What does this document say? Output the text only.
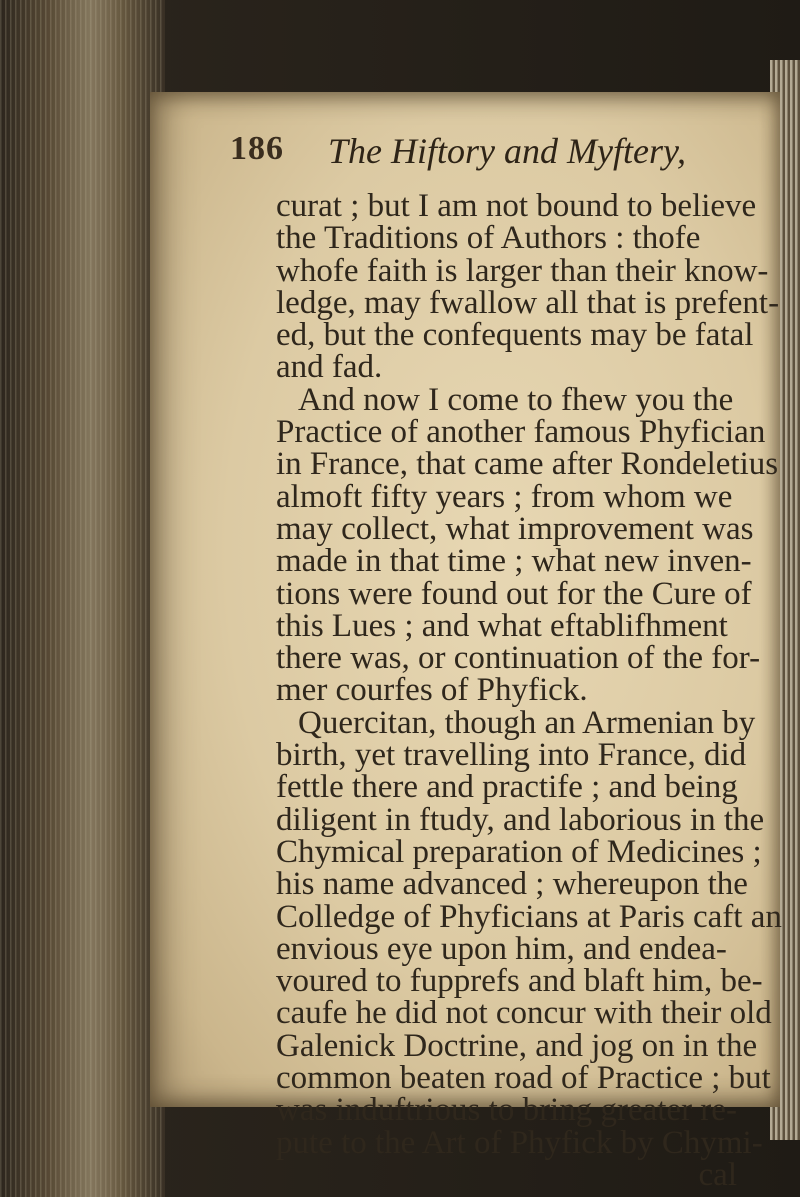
186 The Hiftory and Myftery,
curat ; but I am not bound to believe
the Traditions of Authors : thofe
whofe faith is larger than their know-
ledge, may fwallow all that is prefent-
ed, but the confequents may be fatal
and fad.
And now I come to fhew you the
Practice of another famous Phyfician
in France, that came after Rondeletius
almoft fifty years ; from whom we
may collect, what improvement was
made in that time ; what new inven-
tions were found out for the Cure of
this Lues ; and what eftablifhment
there was, or continuation of the for-
mer courfes of Phyfick.
Quercitan, though an Armenian by
birth, yet travelling into France, did
fettle there and practife ; and being
diligent in ftudy, and laborious in the
Chymical preparation of Medicines ;
his name advanced ; whereupon the
Colledge of Phyficians at Paris caft an
envious eye upon him, and endea-
voured to fupprefs and blaft him, be-
caufe he did not concur with their old
Galenick Doctrine, and jog on in the
common beaten road of Practice ; but
was induftrious to bring greater re-
pute to the Art of Phyfick by Chymi-
cal
